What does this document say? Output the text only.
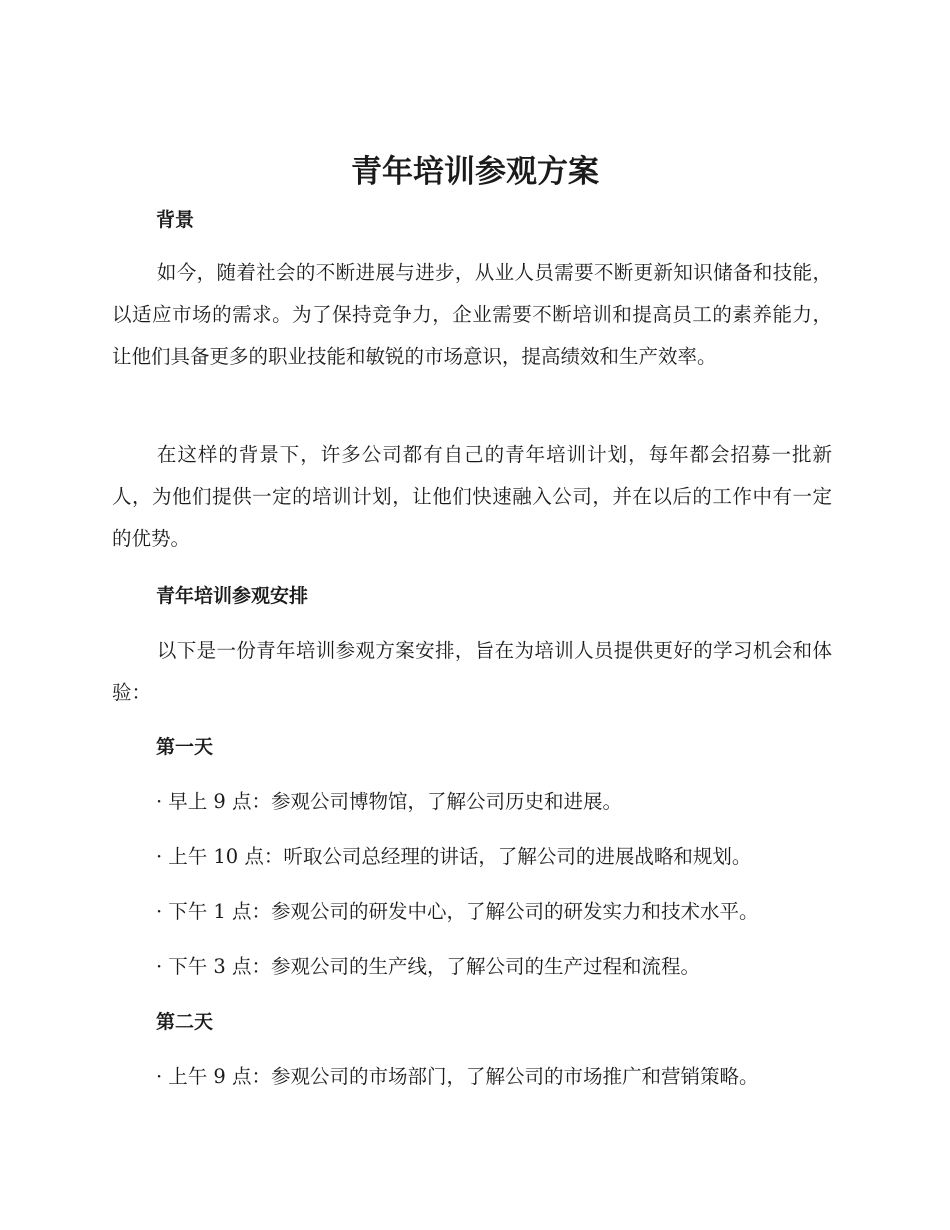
青年培训参观方案
背景

如今，随着社会的不断进展与进步，从业人员需要不断更新知识储备和技能，以适应市场的需求。为了保持竞争力，企业需要不断培训和提高员工的素养能力，让他们具备更多的职业技能和敏锐的市场意识，提高绩效和生产效率。

在这样的背景下，许多公司都有自己的青年培训计划，每年都会招募一批新人，为他们提供一定的培训计划，让他们快速融入公司，并在以后的工作中有一定的优势。

青年培训参观安排

以下是一份青年培训参观方案安排，旨在为培训人员提供更好的学习机会和体验：

第一天

· 早上 9 点：参观公司博物馆，了解公司历史和进展。

· 上午 10 点：听取公司总经理的讲话，了解公司的进展战略和规划。

· 下午 1 点：参观公司的研发中心，了解公司的研发实力和技术水平。

· 下午 3 点：参观公司的生产线，了解公司的生产过程和流程。

第二天

· 上午 9 点：参观公司的市场部门，了解公司的市场推广和营销策略。
